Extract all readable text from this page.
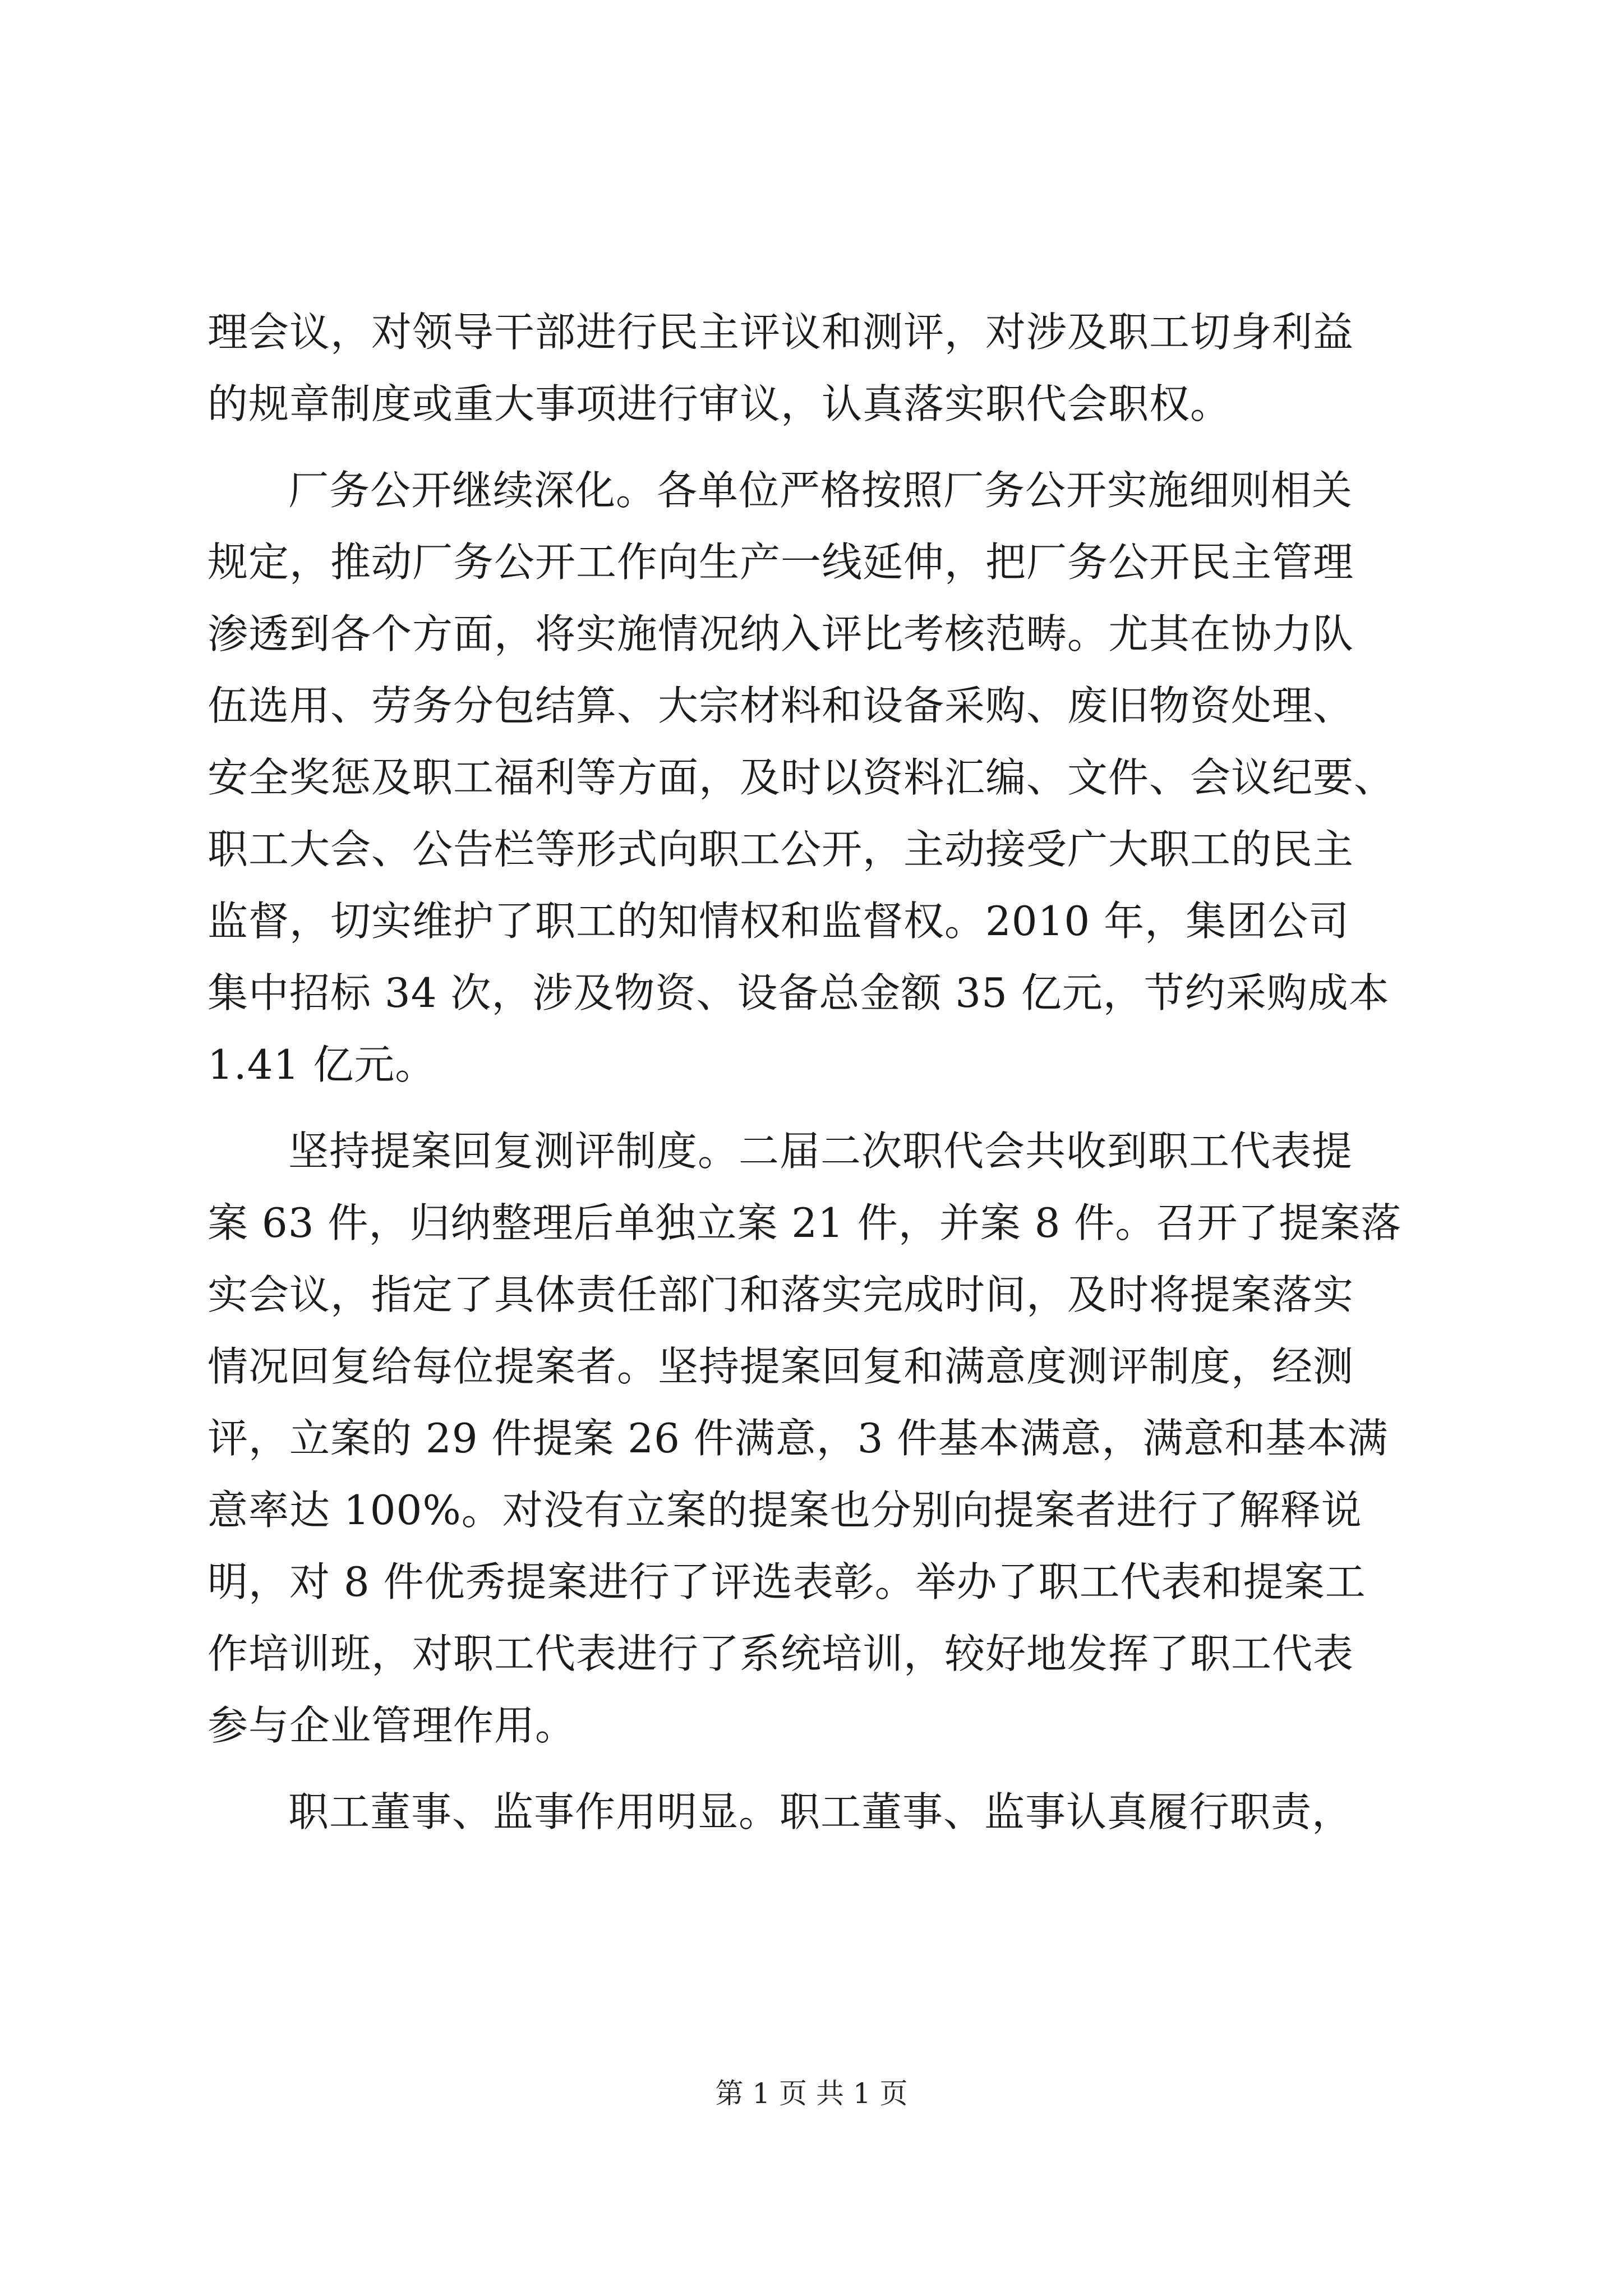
理会议，对领导干部进行民主评议和测评，对涉及职工切身利益
的规章制度或重大事项进行审议，认真落实职代会职权。
厂务公开继续深化。各单位严格按照厂务公开实施细则相关
规定，推动厂务公开工作向生产一线延伸，把厂务公开民主管理
渗透到各个方面，将实施情况纳入评比考核范畴。尤其在协力队
伍选用、劳务分包结算、大宗材料和设备采购、废旧物资处理、
安全奖惩及职工福利等方面，及时以资料汇编、文件、会议纪要、
职工大会、公告栏等形式向职工公开，主动接受广大职工的民主
监督，切实维护了职工的知情权和监督权。2010 年，集团公司
集中招标 34 次，涉及物资、设备总金额 35 亿元，节约采购成本
1.41 亿元。
坚持提案回复测评制度。二届二次职代会共收到职工代表提
案 63 件，归纳整理后单独立案 21 件，并案 8 件。召开了提案落
实会议，指定了具体责任部门和落实完成时间，及时将提案落实
情况回复给每位提案者。坚持提案回复和满意度测评制度，经测
评，立案的 29 件提案 26 件满意，3 件基本满意，满意和基本满
意率达 100%。对没有立案的提案也分别向提案者进行了解释说
明，对 8 件优秀提案进行了评选表彰。举办了职工代表和提案工
作培训班，对职工代表进行了系统培训，较好地发挥了职工代表
参与企业管理作用。
职工董事、监事作用明显。职工董事、监事认真履行职责，
第 1 页 共 1 页
